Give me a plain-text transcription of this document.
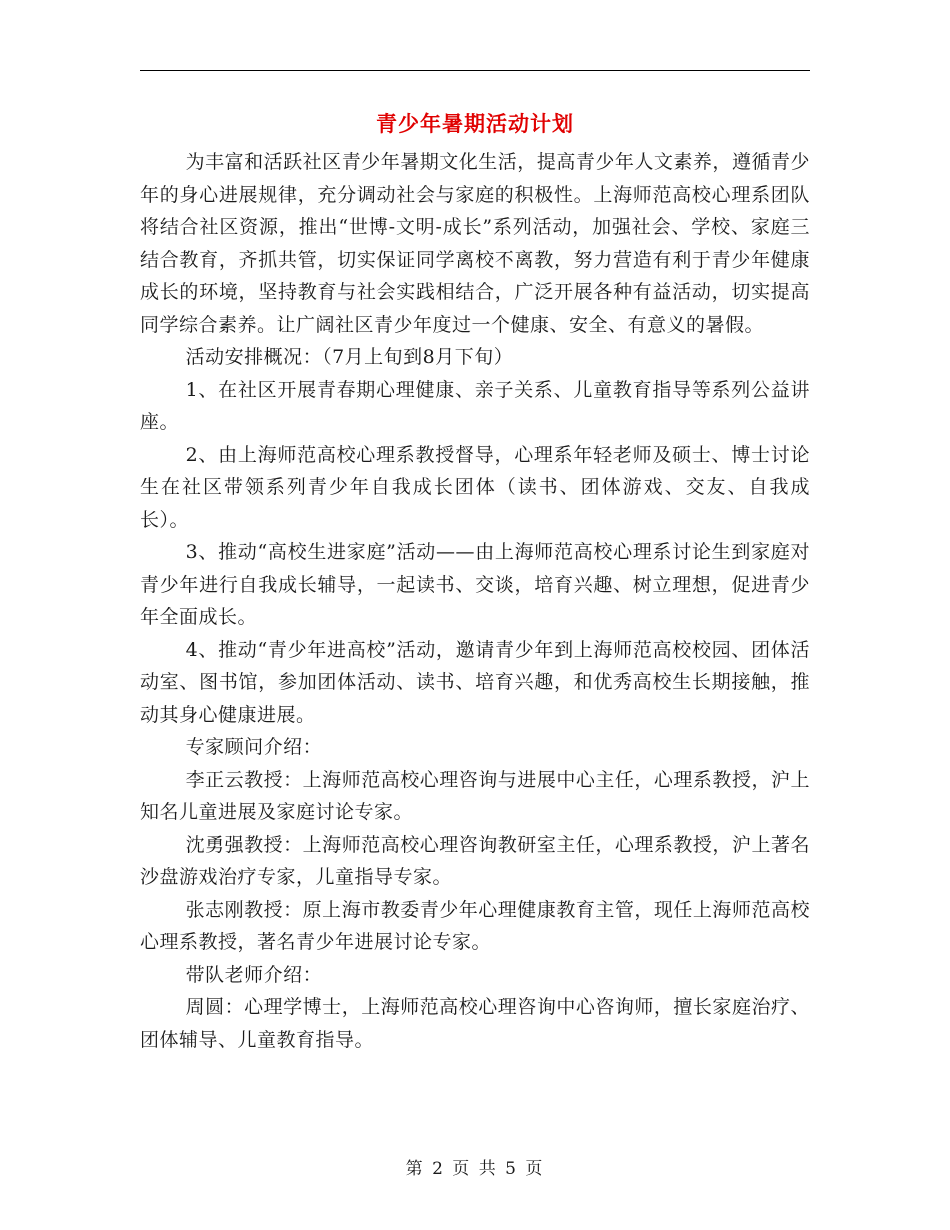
青少年暑期活动计划

为丰富和活跃社区青少年暑期文化生活，提高青少年人文素养，遵循青少年的身心进展规律，充分调动社会与家庭的积极性。上海师范高校心理系团队将结合社区资源，推出“世博-文明-成长”系列活动，加强社会、学校、家庭三结合教育，齐抓共管，切实保证同学离校不离教，努力营造有利于青少年健康成长的环境，坚持教育与社会实践相结合，广泛开展各种有益活动，切实提高同学综合素养。让广阔社区青少年度过一个健康、安全、有意义的暑假。

活动安排概况：（7月上旬到8月下旬）

1、在社区开展青春期心理健康、亲子关系、儿童教育指导等系列公益讲座。

2、由上海师范高校心理系教授督导，心理系年轻老师及硕士、博士讨论生在社区带领系列青少年自我成长团体（读书、团体游戏、交友、自我成长）。

3、推动“高校生进家庭”活动——由上海师范高校心理系讨论生到家庭对青少年进行自我成长辅导，一起读书、交谈，培育兴趣、树立理想，促进青少年全面成长。

4、推动“青少年进高校”活动，邀请青少年到上海师范高校校园、团体活动室、图书馆，参加团体活动、读书、培育兴趣，和优秀高校生长期接触，推动其身心健康进展。

专家顾问介绍：

李正云教授：上海师范高校心理咨询与进展中心主任，心理系教授，沪上知名儿童进展及家庭讨论专家。

沈勇强教授：上海师范高校心理咨询教研室主任，心理系教授，沪上著名沙盘游戏治疗专家，儿童指导专家。

张志刚教授：原上海市教委青少年心理健康教育主管，现任上海师范高校心理系教授，著名青少年进展讨论专家。

带队老师介绍：

周圆：心理学博士，上海师范高校心理咨询中心咨询师，擅长家庭治疗、团体辅导、儿童教育指导。

第 2 页 共 5 页
